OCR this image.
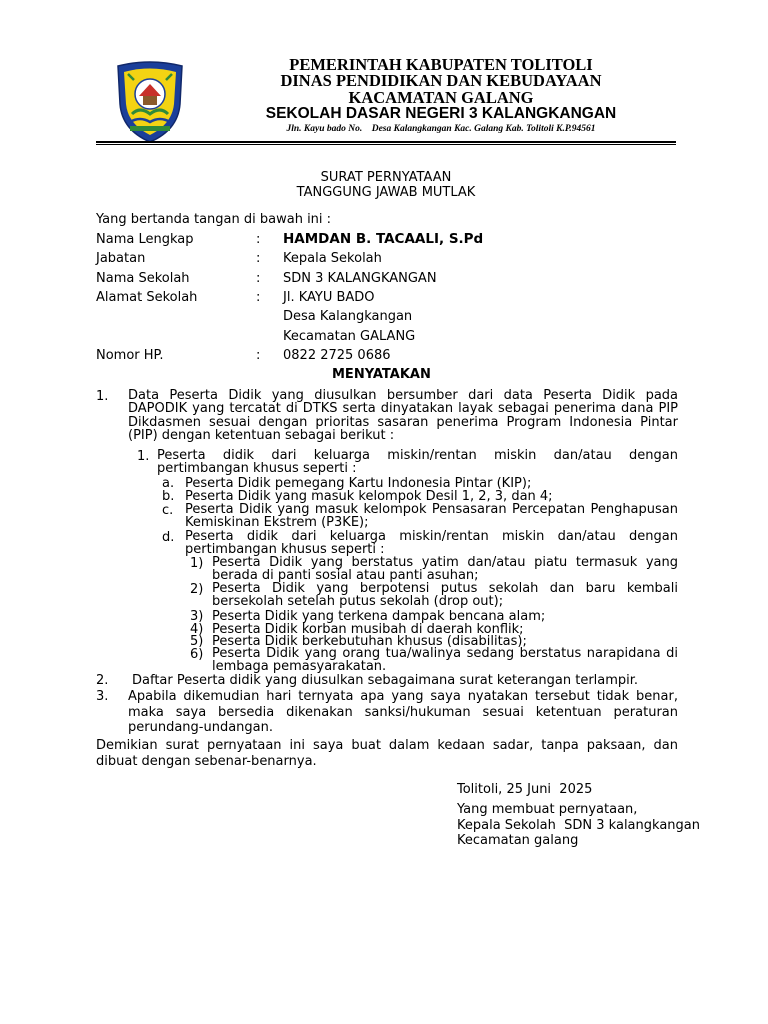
PEMERINTAH KABUPATEN TOLITOLI
DINAS PENDIDIKAN DAN KEBUDAYAAN
KACAMATAN GALANG
SEKOLAH DASAR NEGERI 3 KALANGKANGAN
Jln. Kayu bado No.    Desa Kalangkangan Kac. Galang Kab. Tolitoli K.P.94561
SURAT PERNYATAAN
TANGGUNG JAWAB MUTLAK
Yang bertanda tangan di bawah ini :
Nama Lengkap	: HAMDAN B. TACAALI, S.Pd
Jabatan	: Kepala Sekolah
Nama Sekolah	: SDN 3 KALANGKANGAN
Alamat Sekolah	: Jl. KAYU BADO
Desa Kalangkangan
Kecamatan GALANG
Nomor HP.	: 0822 2725 0686
MENYATAKAN
1. Data Peserta Didik yang diusulkan bersumber dari data Peserta Didik pada DAPODIK yang tercatat di DTKS serta dinyatakan layak sebagai penerima dana PIP Dikdasmen sesuai dengan prioritas sasaran penerima Program Indonesia Pintar (PIP) dengan ketentuan sebagai berikut :
1. Peserta didik dari keluarga miskin/rentan miskin dan/atau dengan pertimbangan khusus seperti :
a. Peserta Didik pemegang Kartu Indonesia Pintar (KIP);
b. Peserta Didik yang masuk kelompok Desil 1, 2, 3, dan 4;
c. Peserta Didik yang masuk kelompok Pensasaran Percepatan Penghapusan Kemiskinan Ekstrem (P3KE);
d. Peserta didik dari keluarga miskin/rentan miskin dan/atau dengan pertimbangan khusus seperti :
1) Peserta Didik yang berstatus yatim dan/atau piatu termasuk yang berada di panti sosial atau panti asuhan;
2) Peserta Didik yang berpotensi putus sekolah dan baru kembali bersekolah setelah putus sekolah (drop out);
3) Peserta Didik yang terkena dampak bencana alam;
4) Peserta Didik korban musibah di daerah konflik;
5) Peserta Didik berkebutuhan khusus (disabilitas);
6) Peserta Didik yang orang tua/walinya sedang berstatus narapidana di lembaga pemasyarakatan.
2. Daftar Peserta didik yang diusulkan sebagaimana surat keterangan terlampir.
3. Apabila dikemudian hari ternyata apa yang saya nyatakan tersebut tidak benar, maka saya bersedia dikenakan sanksi/hukuman sesuai ketentuan peraturan perundang-undangan.
Demikian surat pernyataan ini saya buat dalam kedaan sadar, tanpa paksaan, dan dibuat dengan sebenar-benarnya.
Tolitoli, 25 Juni  2025
Yang membuat pernyataan,
Kepala Sekolah  SDN 3 kalangkangan
Kecamatan galang
